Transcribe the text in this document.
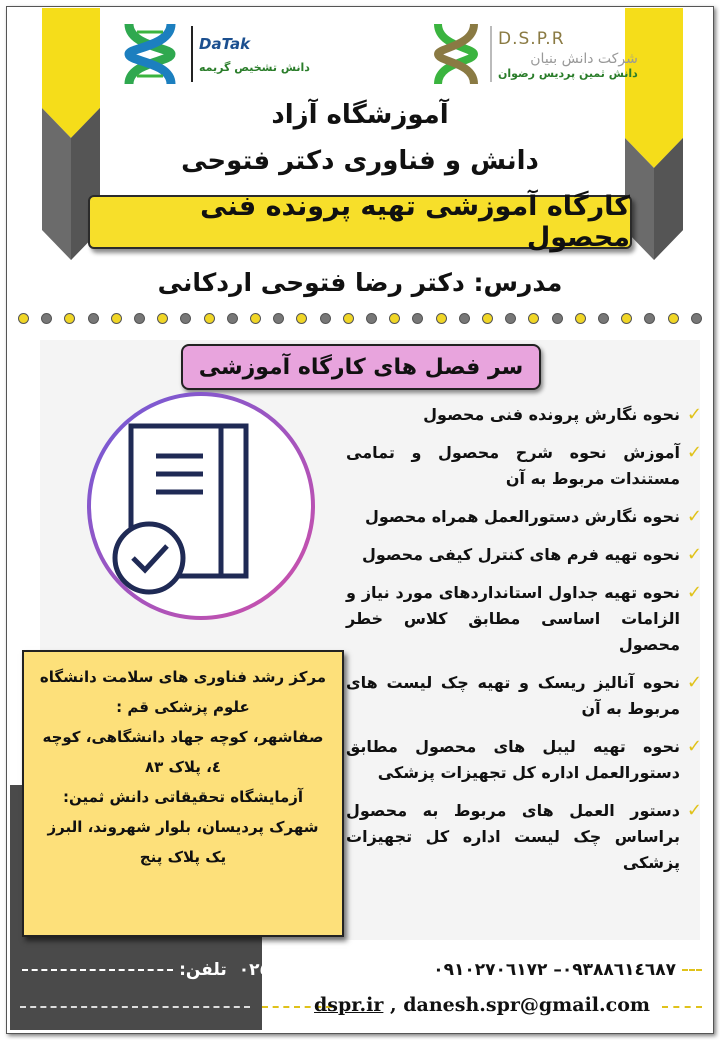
DaTak
دانش تشخیص گریمه
D.S.P.R
شرکت دانش بنیان
دانش ثمین پردیس رضوان
آموزشگاه آزاد
دانش و فناوری دکتر فتوحی
کارگاه آموزشی تهیه پرونده فنی محصول
مدرس: دکتر رضا فتوحی اردکانی
سر فصل های کارگاه آموزشی
✓
نحوه نگارش پرونده فنی محصول
✓
آموزش نحوه شرح محصول و تمامی مستندات مربوط به آن
✓
نحوه نگارش دستورالعمل همراه محصول
✓
نحوه تهیه فرم های کنترل کیفی محصول
✓
نحوه تهیه جداول استانداردهای مورد نیاز و الزامات اساسی مطابق کلاس خطر محصول
✓
نحوه آنالیز ریسک و تهیه چک لیست های مربوط به آن
✓
نحوه تهیه لیبل های محصول مطابق دستورالعمل اداره کل تجهیزات پزشکی
✓
دستور العمل های مربوط به محصول براساس چک لیست اداره کل تجهیزات پزشکی
مرکز رشد فناوری های سلامت دانشگاه
علوم پزشکی قم :
صفاشهر، کوچه جهاد دانشگاهی، کوچه ٤، پلاک ٨٣
آزمایشگاه تحقیقاتی دانش ثمین:
شهرک پردیسان، بلوار شهروند، البرز یک پلاک پنج
٠٩٣٨٨٦١٤٦٨٧– ٠٩١٠٢٧٠٦١٧٢
همراه:
٠٢٥٣٢٨٠٢١٦٢
تلفن:
dspr.ir , danesh.spr@gmail.com
